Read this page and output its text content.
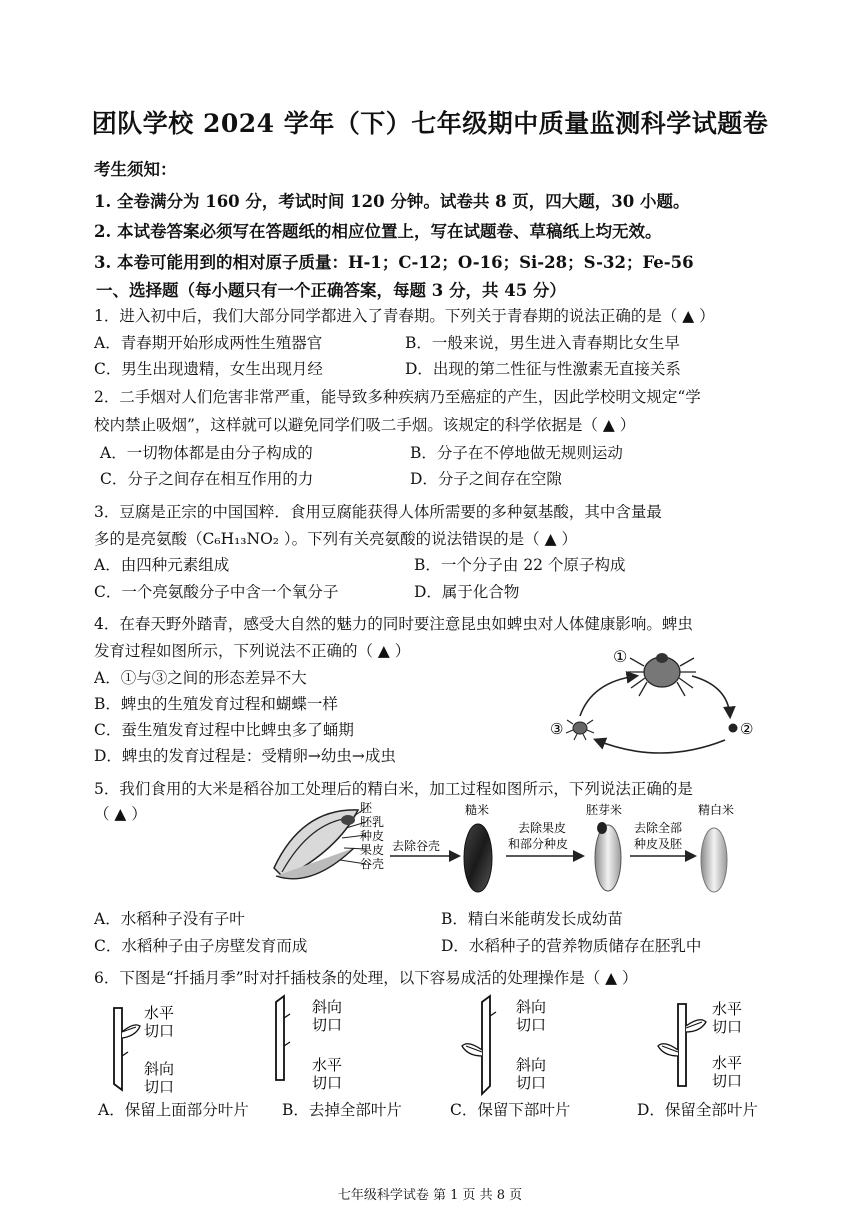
团队学校 2024 学年（下）七年级期中质量监测科学试题卷
考生须知：
1. 全卷满分为 160 分，考试时间 120 分钟。试卷共 8 页，四大题，30 小题。
2. 本试卷答案必须写在答题纸的相应位置上，写在试题卷、草稿纸上均无效。
3. 本卷可能用到的相对原子质量：H-1；C-12；O-16；Si-28；S-32；Fe-56
一、选择题（每小题只有一个正确答案，每题 3 分，共 45 分）
1．进入初中后，我们大部分同学都进入了青春期。下列关于青春期的说法正确的是（ ▲ ）
A．青春期开始形成两性生殖器官	B．一般来说，男生进入青春期比女生早
C．男生出现遗精，女生出现月经	D．出现的第二性征与性激素无直接关系
2．二手烟对人们危害非常严重，能导致多种疾病乃至癌症的产生，因此学校明文规定“学
校内禁止吸烟”，这样就可以避免同学们吸二手烟。该规定的科学依据是（ ▲ ）
A．一切物体都是由分子构成的	B．分子在不停地做无规则运动
C．分子之间存在相互作用的力	D．分子之间存在空隙
3．豆腐是正宗的中国国粹．食用豆腐能获得人体所需要的多种氨基酸，其中含量最
多的是亮氨酸（C₆H₁₃NO₂ ）。下列有关亮氨酸的说法错误的是（ ▲ ）
A．由四种元素组成	B．一个分子由 22 个原子构成
C．一个亮氨酸分子中含一个氧分子	D．属于化合物
4．在春天野外踏青，感受大自然的魅力的同时要注意昆虫如蜱虫对人体健康影响。蜱虫
发育过程如图所示，下列说法不正确的（ ▲ ）
A．①与③之间的形态差异不大
B．蜱虫的生殖发育过程和蝴蝶一样
C．蚕生殖发育过程中比蜱虫多了蛹期
D．蜱虫的发育过程是：受精卵→幼虫→成虫
①
②
③
5．我们食用的大米是稻谷加工处理后的精白米，加工过程如图所示，下列说法正确的是
（ ▲ ）	胚
胚乳
种皮
果皮
谷壳
去除谷壳
糙米
去除果皮
和部分种皮
胚芽米
去除全部
种皮及胚
精白米
A．水稻种子没有子叶	B．精白米能萌发长成幼苗
C．水稻种子由子房壁发育而成	D．水稻种子的营养物质储存在胚乳中
6．下图是“扦插月季”时对扦插枝条的处理，以下容易成活的处理操作是（ ▲ ）
水平
切口
斜向
切口
斜向
切口
水平
切口
斜向
切口
斜向
切口
水平
切口
水平
切口
A．保留上面部分叶片 B．去掉全部叶片	C．保留下部叶片	D．保留全部叶片
七年级科学试卷 第 1 页 共 8 页
